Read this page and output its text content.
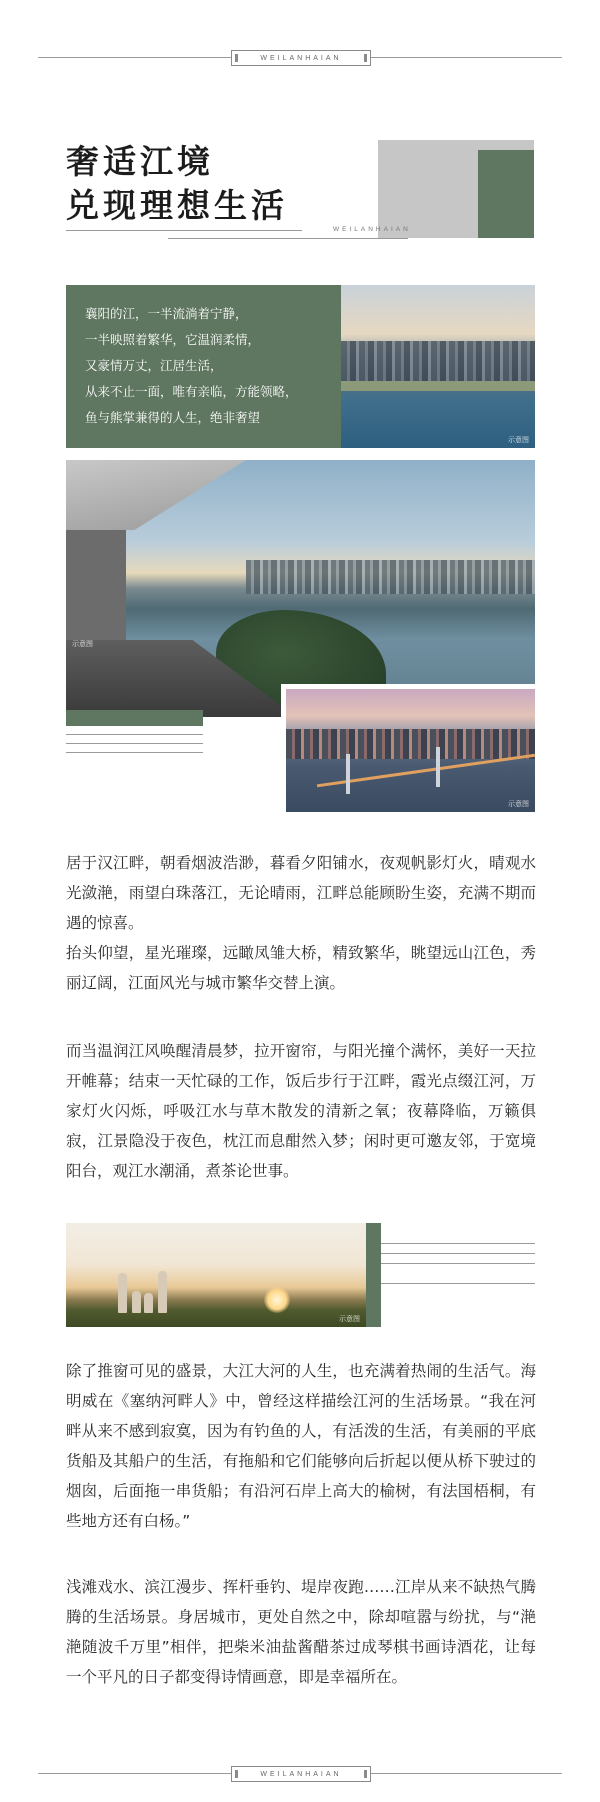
WEILANHAIAN
奢适江境
兑现理想生活
WEILANHAIAN

襄阳的江，一半流淌着宁静，

一半映照着繁华，它温润柔情，

又豪情万丈，江居生活，

从来不止一面，唯有亲临，方能领略，

鱼与熊掌兼得的人生，绝非奢望

示意图
示意图
示意图

居于汉江畔，朝看烟波浩渺，暮看夕阳铺水，夜观帆影灯火，晴观水光潋滟，雨望白珠落江，无论晴雨，江畔总能顾盼生姿，充满不期而遇的惊喜。

抬头仰望，星光璀璨，远瞰凤雏大桥，精致繁华，眺望远山江色，秀丽辽阔，江面风光与城市繁华交替上演。

而当温润江风唤醒清晨梦，拉开窗帘，与阳光撞个满怀，美好一天拉开帷幕；结束一天忙碌的工作，饭后步行于江畔，霞光点缀江河，万家灯火闪烁，呼吸江水与草木散发的清新之氧；夜幕降临，万籁俱寂，江景隐没于夜色，枕江而息酣然入梦；闲时更可邀友邻，于宽境阳台，观江水潮涌，煮茶论世事。

示意图

除了推窗可见的盛景，大江大河的人生，也充满着热闹的生活气。海明威在《塞纳河畔人》中，曾经这样描绘江河的生活场景。“我在河畔从来不感到寂寞，因为有钓鱼的人，有活泼的生活，有美丽的平底货船及其船户的生活，有拖船和它们能够向后折起以便从桥下驶过的烟囱，后面拖一串货船；有沿河石岸上高大的榆树，有法国梧桐，有些地方还有白杨。”

浅滩戏水、滨江漫步、挥杆垂钓、堤岸夜跑……江岸从来不缺热气腾腾的生活场景。身居城市，更处自然之中，除却喧嚣与纷扰，与“滟滟随波千万里”相伴，把柴米油盐酱醋茶过成琴棋书画诗酒花，让每一个平凡的日子都变得诗情画意，即是幸福所在。

WEILANHAIAN
